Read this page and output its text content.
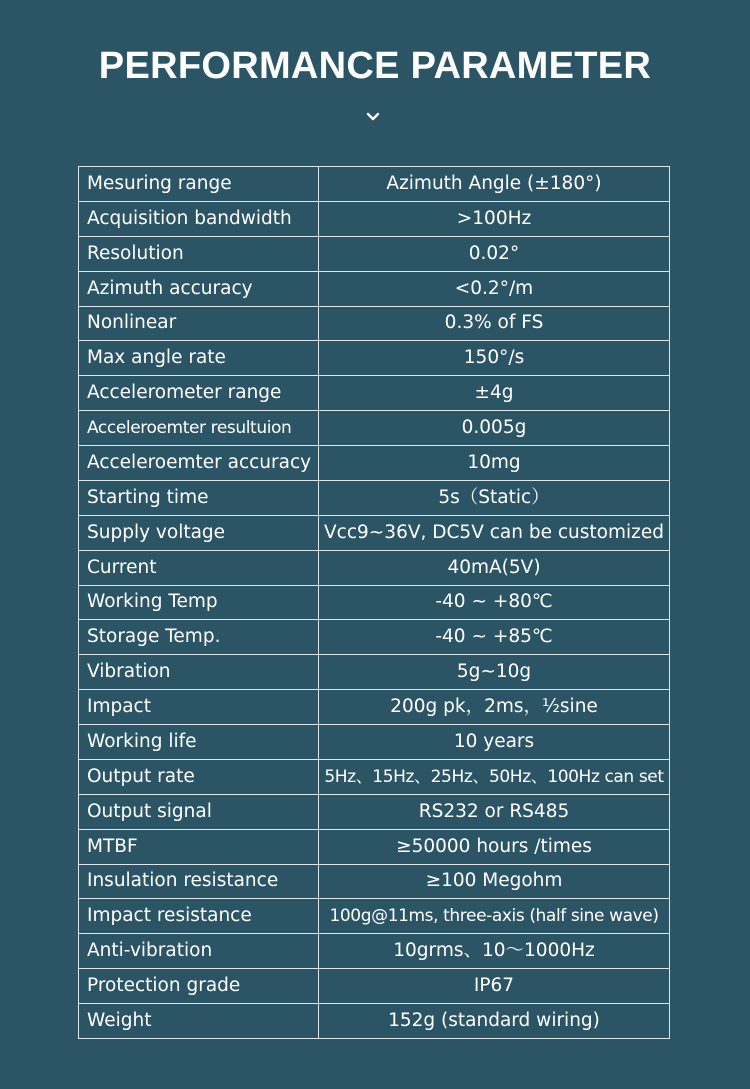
PERFORMANCE PARAMETER
Mesuring range	Azimuth Angle (±180°)
Acquisition bandwidth	>100Hz
Resolution	0.02°
Azimuth accuracy	<0.2°/m
Nonlinear	0.3% of FS
Max angle rate	150°/s
Accelerometer range	±4g
Acceleroemter resultuion	0.005g
Acceleroemter accuracy	10mg
Starting time	5s（Static）
Supply voltage	Vcc9~36V, DC5V can be customized
Current	40mA(5V)
Working Temp	-40 ~ +80℃
Storage Temp.	-40 ~ +85℃
Vibration	5g~10g
Impact	200g pk，2ms，½sine
Working life	10 years
Output rate	5Hz、15Hz、25Hz、50Hz、100Hz can set
Output signal	RS232 or RS485
MTBF	≥50000 hours /times
Insulation resistance	≥100 Megohm
Impact resistance	100g@11ms, three-axis (half sine wave)
Anti-vibration	10grms、10～1000Hz
Protection grade	IP67
Weight	152g (standard wiring)
